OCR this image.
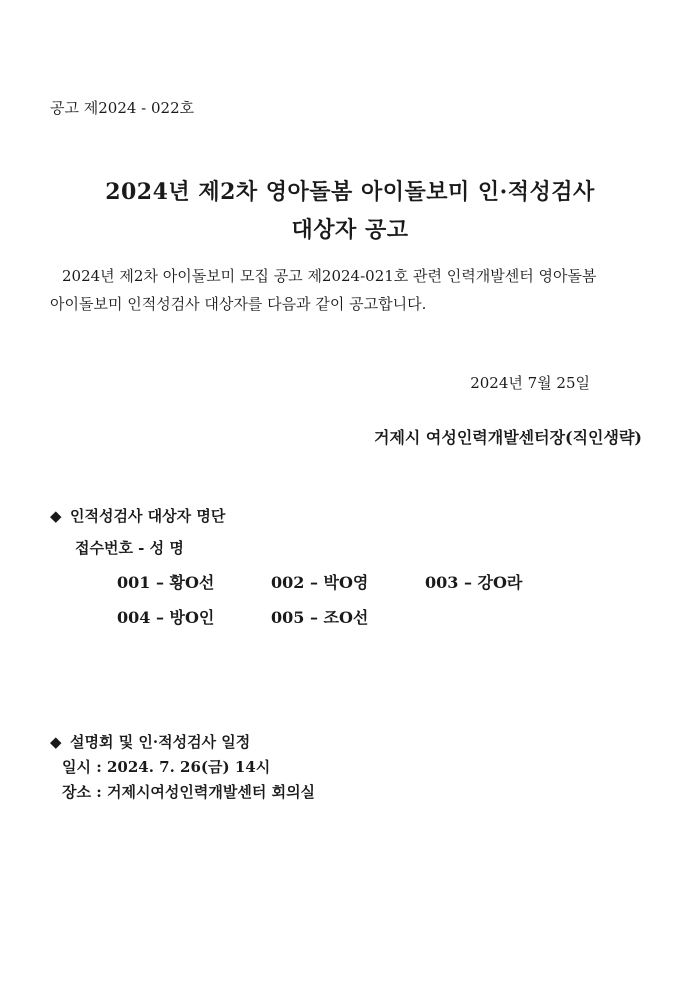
공고 제2024 - 022호
2024년 제2차 영아돌봄 아이돌보미 인·적성검사
대상자 공고
2024년 제2차 아이돌보미 모집 공고 제2024-021호 관련 인력개발센터 영아돌봄
아이돌보미 인적성검사 대상자를 다음과 같이 공고합니다.
2024년 7월 25일
거제시 여성인력개발센터장(직인생략)
◆ 인적성검사 대상자 명단
접수번호 - 성 명
001 – 황O선	002 – 박O영	003 – 강O라
004 – 방O인	005 – 조O선
◆ 설명회 및 인·적성검사 일정
일시 : 2024. 7. 26(금) 14시
장소 : 거제시여성인력개발센터 회의실
